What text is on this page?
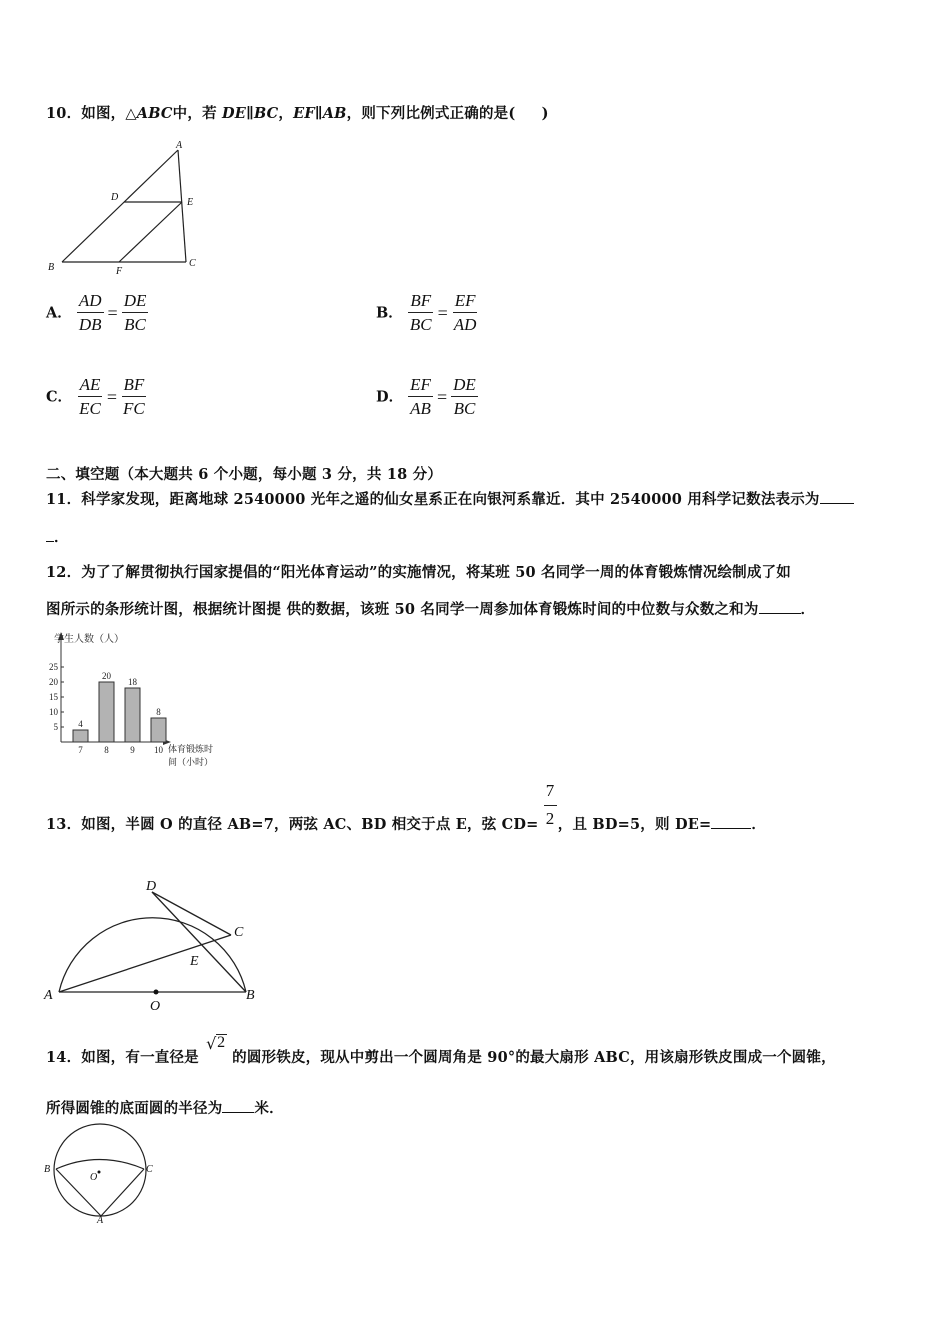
10．如图，△ABC中，若 DE∥BC，EF∥AB，则下列比例式正确的是( )
A
B	C
D	E
F
A． $\frac{AD}{DB} = \frac{DE}{BC}$	B． $\frac{BF}{BC} = \frac{EF}{AD}$
C． $\frac{AE}{EC} = \frac{BF}{FC}$	D． $\frac{EF}{AB} = \frac{DE}{BC}$
二、填空题（本大题共 6 个小题，每小题 3 分，共 18 分）
11．科学家发现，距离地球 2540000 光年之遥的仙女星系正在向银河系靠近．其中 2540000 用科学记数法表示为
．
12．为了了解贯彻执行国家提倡的“阳光体育运动”的实施情况，将某班 50 名同学一周的体育锻炼情况绘制成了如
图所示的条形统计图，根据统计图提 供的数据，该班 50 名同学一周参加体育锻炼时间的中位数与众数之和为	．
学生人数（人）
体育锻炼时
间（小时）
5
10
15
20
25
4
7
20
8
18
9
8
10
13．如图，半圆 O 的直径 AB=7，两弦 AC、BD 相交于点 E，弦 $CD= \frac{7}{2}$ ，且 BD=5，则 DE=	．
A	B
C
D
E
O
14．如图，有一直径是
√ 2
的圆形铁皮，现从中剪出一个圆周角是 90°的最大扇形 ABC，用该扇形铁皮围成一个圆锥，
所得圆锥的底面圆的半径为 米．
B	C
A
O
